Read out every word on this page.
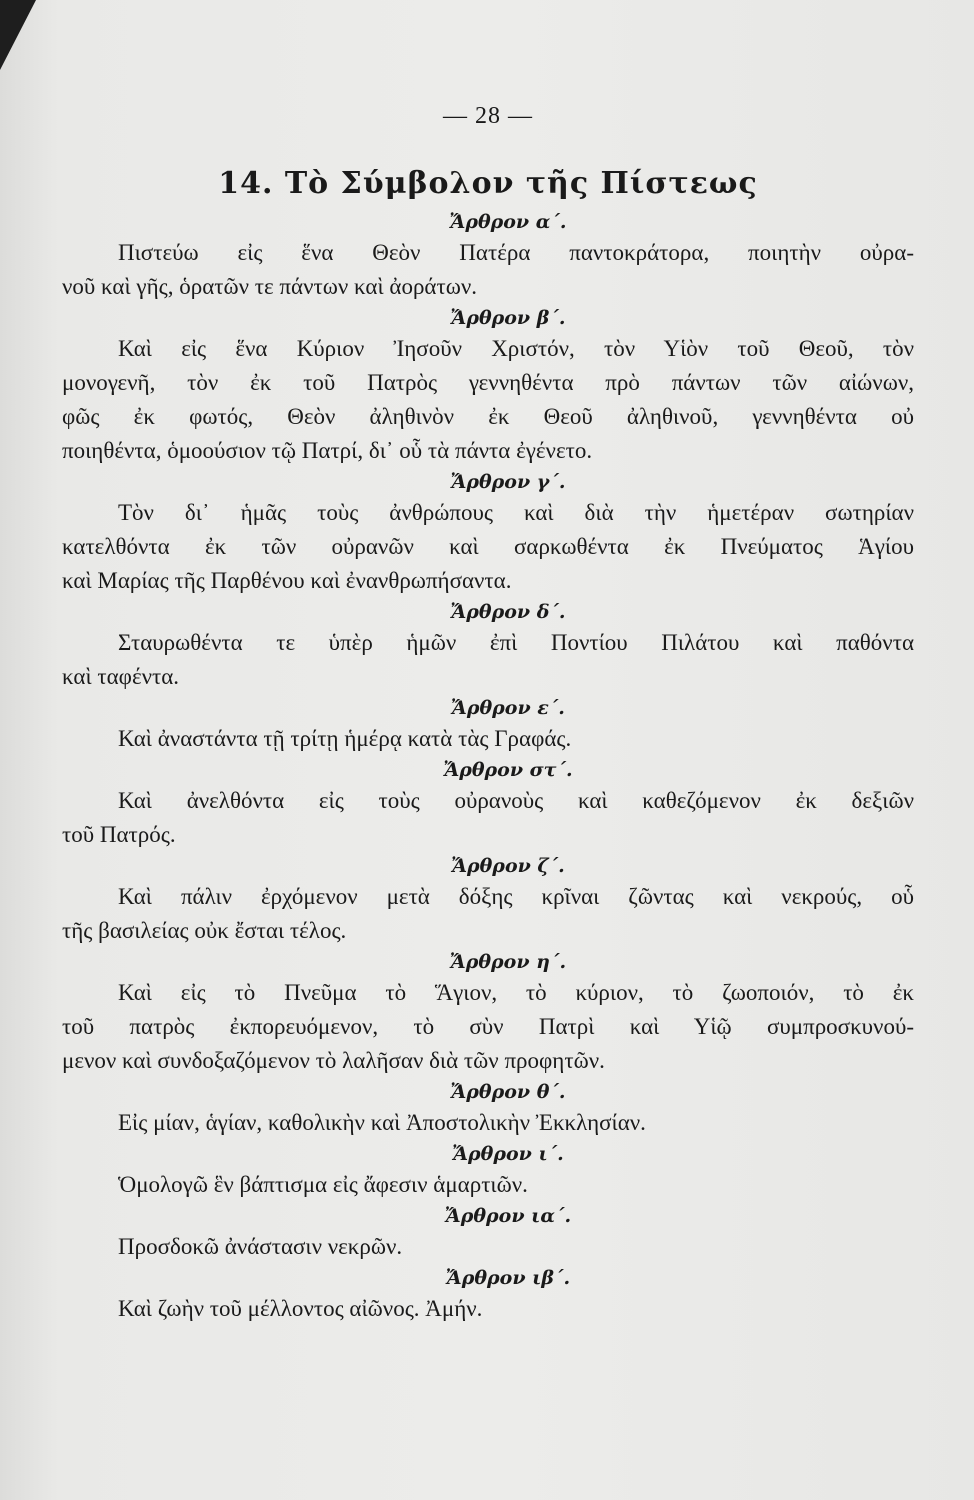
— 28 —
14. Τὸ Σύμβολον τῆς Πίστεως
Ἄρθρον α΄.
Πιστεύω εἰς ἕνα Θεὸν Πατέρα παντοκράτορα, ποιητὴν οὐρα-
νοῦ καὶ γῆς, ὁρατῶν τε πάντων καὶ ἀοράτων.
Ἄρθρον β΄.
Καὶ εἰς ἕνα Κύριον Ἰησοῦν Χριστόν, τὸν Υἱὸν τοῦ Θεοῦ, τὸν
μονογενῆ, τὸν ἐκ τοῦ Πατρὸς γεννηθέντα πρὸ πάντων τῶν αἰώνων,
φῶς ἐκ φωτός, Θεὸν ἀληθινὸν ἐκ Θεοῦ ἀληθινοῦ, γεννηθέντα οὐ
ποιηθέντα, ὁμοούσιον τῷ Πατρί, δι᾿ οὗ τὰ πάντα ἐγένετο.
Ἄρθρον γ΄.
Τὸν δι᾿ ἡμᾶς τοὺς ἀνθρώπους καὶ διὰ τὴν ἡμετέραν σωτηρίαν
κατελθόντα ἐκ τῶν οὐρανῶν καὶ σαρκωθέντα ἐκ Πνεύματος Ἁγίου
καὶ Μαρίας τῆς Παρθένου καὶ ἐνανθρωπήσαντα.
Ἄρθρον δ΄.
Σταυρωθέντα τε ὑπὲρ ἡμῶν ἐπὶ Ποντίου Πιλάτου καὶ παθόντα
καὶ ταφέντα.
Ἄρθρον ε΄.
Καὶ ἀναστάντα τῇ τρίτῃ ἡμέρᾳ κατὰ τὰς Γραφάς.
Ἄρθρον στ΄.
Καὶ ἀνελθόντα εἰς τοὺς οὐρανοὺς καὶ καθεζόμενον ἐκ δεξιῶν
τοῦ Πατρός.
Ἄρθρον ζ΄.
Καὶ πάλιν ἐρχόμενον μετὰ δόξης κρῖναι ζῶντας καὶ νεκρούς, οὗ
τῆς βασιλείας οὐκ ἔσται τέλος.
Ἄρθρον η΄.
Καὶ εἰς τὸ Πνεῦμα τὸ Ἅγιον, τὸ κύριον, τὸ ζωοποιόν, τὸ ἐκ
τοῦ πατρὸς ἐκπορευόμενον, τὸ σὺν Πατρὶ καὶ Υἱῷ συμπροσκυνού-
μενον καὶ συνδοξαζόμενον τὸ λαλῆσαν διὰ τῶν προφητῶν.
Ἄρθρον θ΄.
Εἰς μίαν, ἁγίαν, καθολικὴν καὶ Ἀποστολικὴν Ἐκκλησίαν.
Ἄρθρον ι΄.
Ὁμολογῶ ἓν βάπτισμα εἰς ἄφεσιν ἁμαρτιῶν.
Ἄρθρον ια΄.
Προσδοκῶ ἀνάστασιν νεκρῶν.
Ἄρθρον ιβ΄.
Καὶ ζωὴν τοῦ μέλλοντος αἰῶνος. Ἀμήν.
